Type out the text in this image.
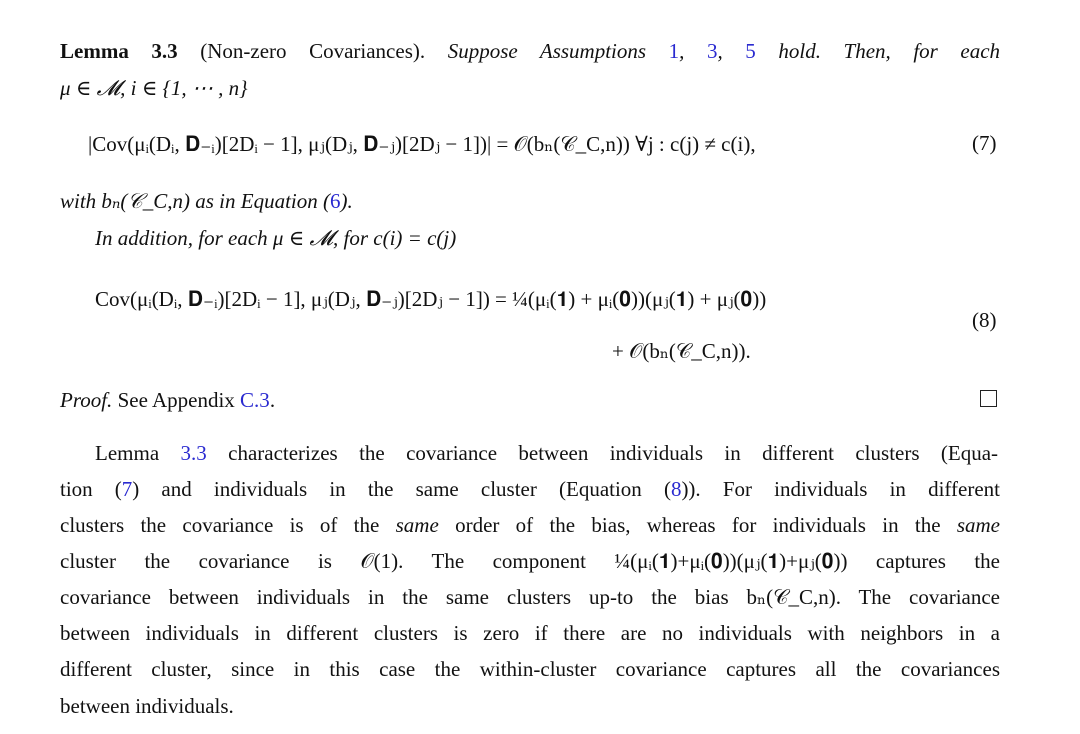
Lemma 3.3 (Non-zero Covariances). Suppose Assumptions 1, 3, 5 hold. Then, for each
μ ∈ 𝓜, i ∈ {1, ⋯ , n}
|Cov(μᵢ(Dᵢ, 𝐃₋ᵢ)[2Dᵢ − 1], μⱼ(Dⱼ, 𝐃₋ⱼ)[2Dⱼ − 1])| = 𝒪(bₙ(𝒞_C,n)) ∀j : c(j) ≠ c(i),	(7)
with bₙ(𝒞_C,n) as in Equation (6).
In addition, for each μ ∈ 𝓜, for c(i) = c(j)
Cov(μᵢ(Dᵢ, 𝐃₋ᵢ)[2Dᵢ − 1], μⱼ(Dⱼ, 𝐃₋ⱼ)[2Dⱼ − 1]) = ¼(μᵢ(𝟏) + μᵢ(𝟎))(μⱼ(𝟏) + μⱼ(𝟎))
+ 𝒪(bₙ(𝒞_C,n)).
(8)
Proof. See Appendix C.3.
Lemma 3.3 characterizes the covariance between individuals in different clusters (Equa-
tion (7) and individuals in the same cluster (Equation (8)). For individuals in different
clusters the covariance is of the same order of the bias, whereas for individuals in the same
cluster the covariance is 𝒪(1). The component ¼(μᵢ(𝟏)+μᵢ(𝟎))(μⱼ(𝟏)+μⱼ(𝟎)) captures the
covariance between individuals in the same clusters up-to the bias bₙ(𝒞_C,n). The covariance
between individuals in different clusters is zero if there are no individuals with neighbors in a
different cluster, since in this case the within-cluster covariance captures all the covariances
between individuals.
